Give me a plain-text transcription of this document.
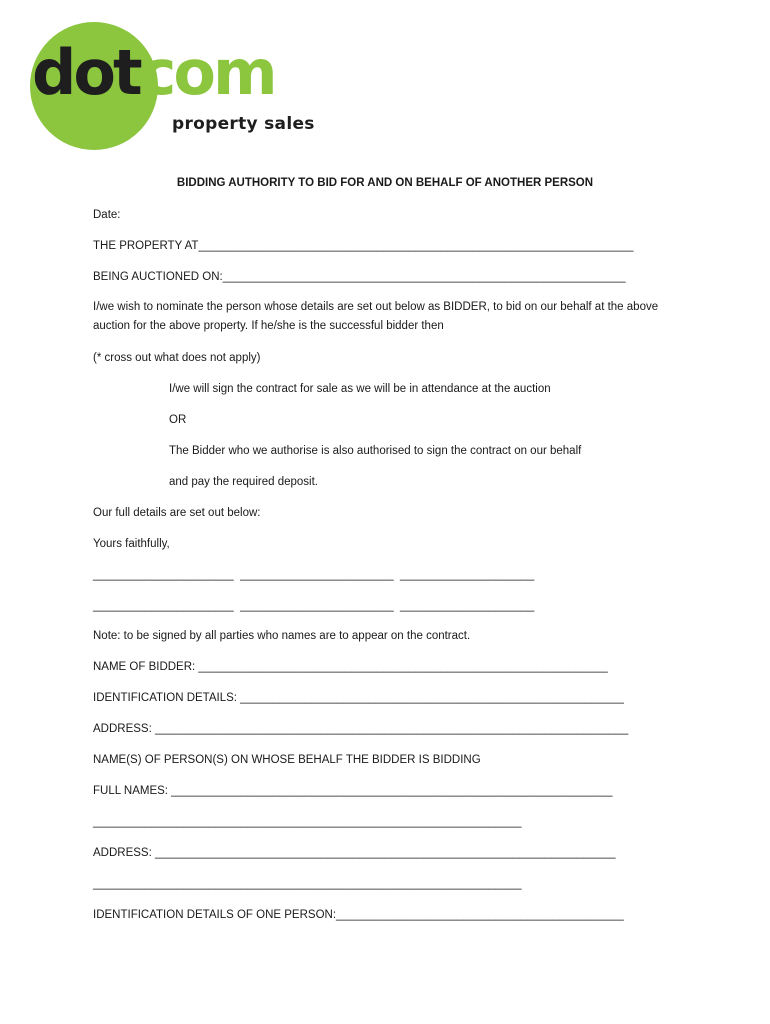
dotcom
property sales
BIDDING AUTHORITY TO BID FOR AND ON BEHALF OF ANOTHER PERSON
Date:
THE PROPERTY AT____________________________________________________________________
BEING AUCTIONED ON:_______________________________________________________________
I/we wish to nominate the person whose details are set out below as BIDDER, to bid on our behalf at the above auction for the above property. If he/she is the successful bidder then
(* cross out what does not apply)
I/we will sign the contract for sale as we will be in attendance at the auction
OR
The Bidder who we authorise is also authorised to sign the contract on our behalf
and pay the required deposit.
Our full details are set out below:
Yours faithfully,
______________________  ________________________  _____________________
______________________  ________________________  _____________________
Note: to be signed by all parties who names are to appear on the contract.
NAME OF BIDDER: ________________________________________________________________
IDENTIFICATION DETAILS: ____________________________________________________________
ADDRESS: __________________________________________________________________________
NAME(S) OF PERSON(S) ON WHOSE BEHALF THE BIDDER IS BIDDING
FULL NAMES: _____________________________________________________________________
___________________________________________________________________
ADDRESS: ________________________________________________________________________
___________________________________________________________________
IDENTIFICATION DETAILS OF ONE PERSON:_____________________________________________
